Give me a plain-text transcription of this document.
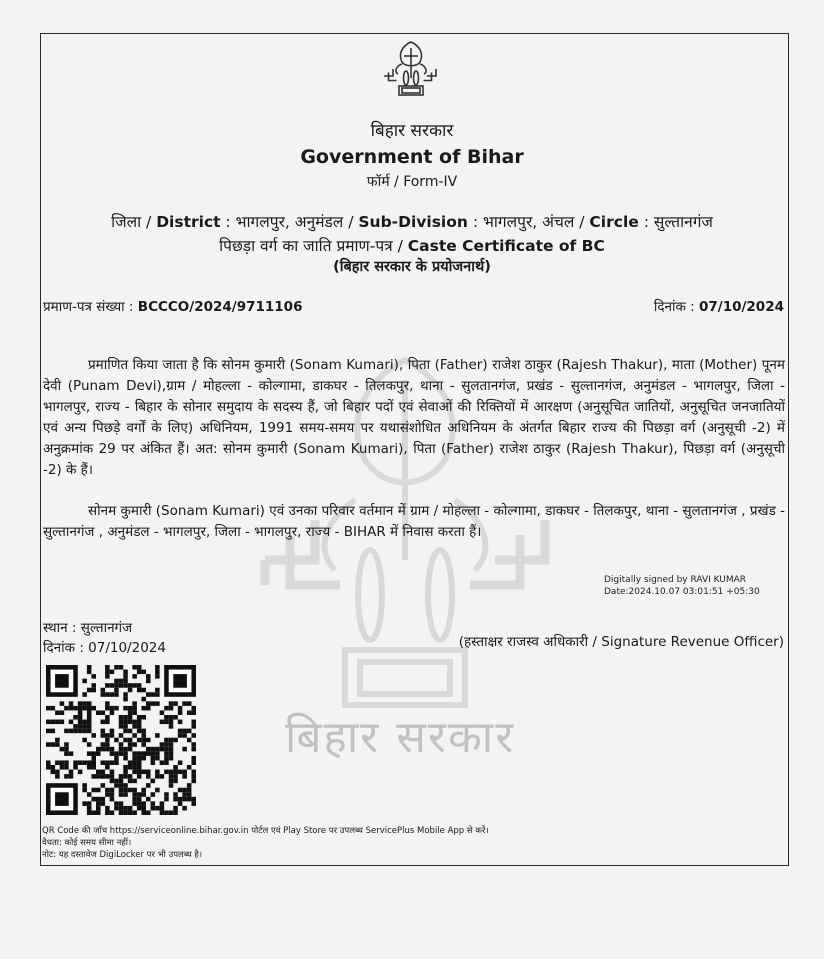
बिहार सरकार
बिहार सरकार
Government of Bihar
फॉर्म / Form-IV
जिला / District : भागलपुर, अनुमंडल / Sub-Division : भागलपुर, अंचल / Circle : सुल्तानगंज
पिछड़ा वर्ग का जाति प्रमाण-पत्र / Caste Certificate of BC
(बिहार सरकार के प्रयोजनार्थ)
प्रमाण-पत्र संख्या : BCCCO/2024/9711106	दिनांक : 07/10/2024
प्रमाणित किया जाता है कि सोनम कुमारी (Sonam Kumari), पिता (Father) राजेश ठाकुर (Rajesh Thakur), माता (Mother) पूनम देवी (Punam Devi),ग्राम / मोहल्ला - कोल्गामा, डाकघर - तिलकपुर, थाना - सुलतानगंज, प्रखंड - सुल्तानगंज, अनुमंडल - भागलपुर, जिला - भागलपुर, राज्य - बिहार के सोनार समुदाय के सदस्य हैं, जो बिहार पदों एवं सेवाओं की रिक्तियों में आरक्षण (अनुसूचित जातियों, अनुसूचित जनजातियों एवं अन्य पिछड़े वर्गों के लिए) अधिनियम, 1991 समय-समय पर यथासंशोधित अधिनियम के अंतर्गत बिहार राज्य की पिछड़ा वर्ग (अनुसूची -2) में अनुक्रमांक 29 पर अंकित हैं। अत: सोनम कुमारी (Sonam Kumari), पिता (Father) राजेश ठाकुर (Rajesh Thakur), पिछड़ा वर्ग (अनुसूची -2) के हैं।
सोनम कुमारी (Sonam Kumari) एवं उनका परिवार वर्तमान में ग्राम / मोहल्ला - कोल्गामा, डाकघर - तिलकपुर, थाना - सुलतानगंज , प्रखंड - सुल्तानगंज , अनुमंडल - भागलपुर, जिला - भागलपुर, राज्य - BIHAR में निवास करता हैं।
Digitally signed by RAVI KUMAR
Date:2024.10.07 03:01:51 +05:30
स्थान : सुल्तानगंज
दिनांक : 07/10/2024	(हस्ताक्षर राजस्व अधिकारी / Signature Revenue Officer)
QR Code की जाँच https://serviceonline.bihar.gov.in पोर्टल एवं Play Store पर उपलब्ध ServicePlus Mobile App से करें।
वैधता: कोई समय सीमा नहीं।
नोट: यह दस्तावेज DigiLocker पर भी उपलब्ध है।
